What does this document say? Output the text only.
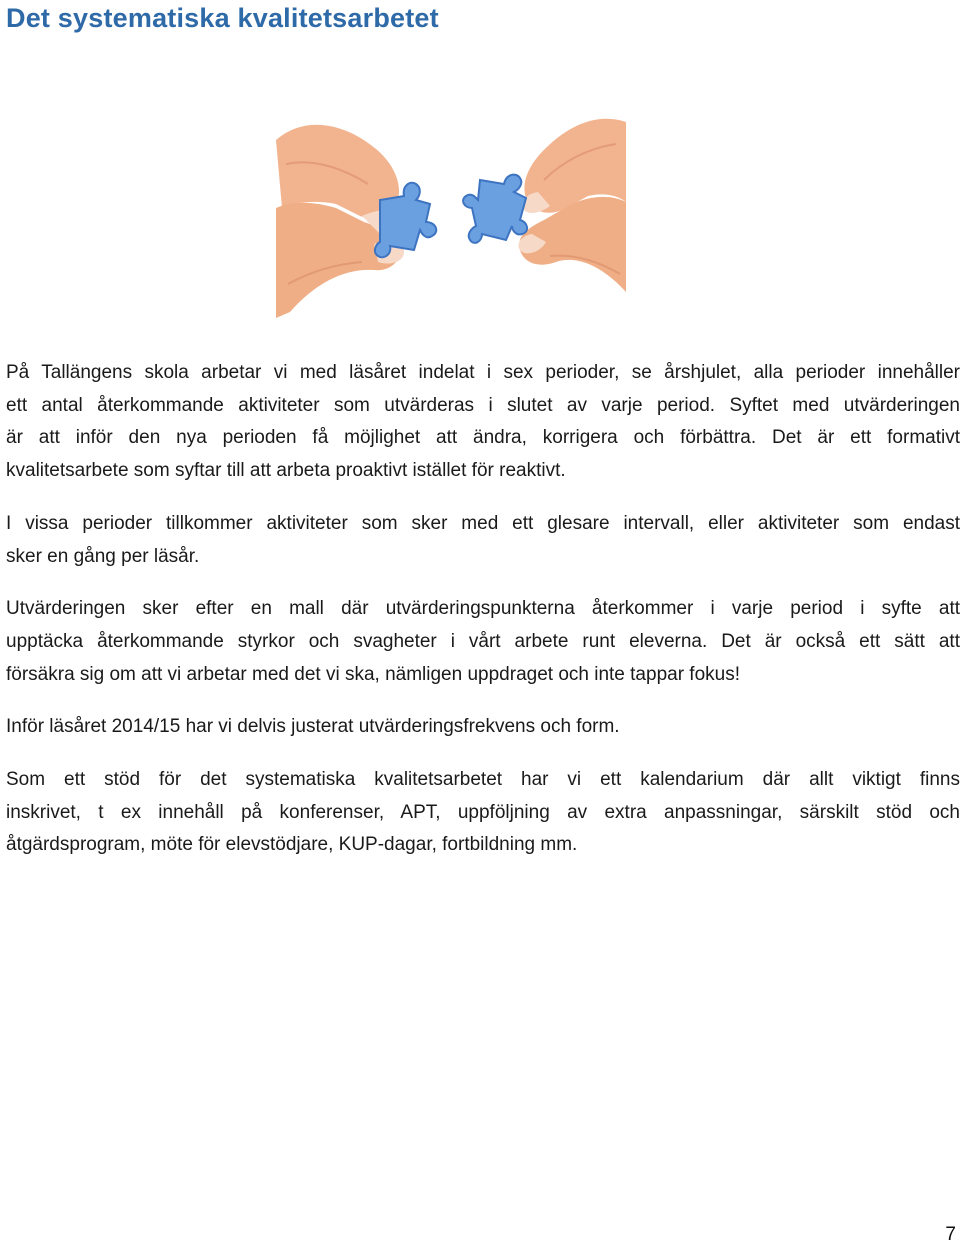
Det systematiska kvalitetsarbetet
På Tallängens skola arbetar vi med läsåret indelat i sex perioder, se årshjulet, alla perioder innehåller
ett antal återkommande aktiviteter som utvärderas i slutet av varje period. Syftet med utvärderingen
är att inför den nya perioden få möjlighet att ändra, korrigera och förbättra. Det är ett formativt
kvalitetsarbete som syftar till att arbeta proaktivt istället för reaktivt.
I vissa perioder tillkommer aktiviteter som sker med ett glesare intervall, eller aktiviteter som endast
sker en gång per läsår.
Utvärderingen sker efter en mall där utvärderingspunkterna återkommer i varje period i syfte att
upptäcka återkommande styrkor och svagheter i vårt arbete runt eleverna. Det är också ett sätt att
försäkra sig om att vi arbetar med det vi ska, nämligen uppdraget och inte tappar fokus!
Inför läsåret 2014/15 har vi delvis justerat utvärderingsfrekvens och form.
Som ett stöd för det systematiska kvalitetsarbetet har vi ett kalendarium där allt viktigt finns
inskrivet, t ex innehåll på konferenser, APT, uppföljning av extra anpassningar, särskilt stöd och
åtgärdsprogram, möte för elevstödjare, KUP-dagar, fortbildning mm.
7
